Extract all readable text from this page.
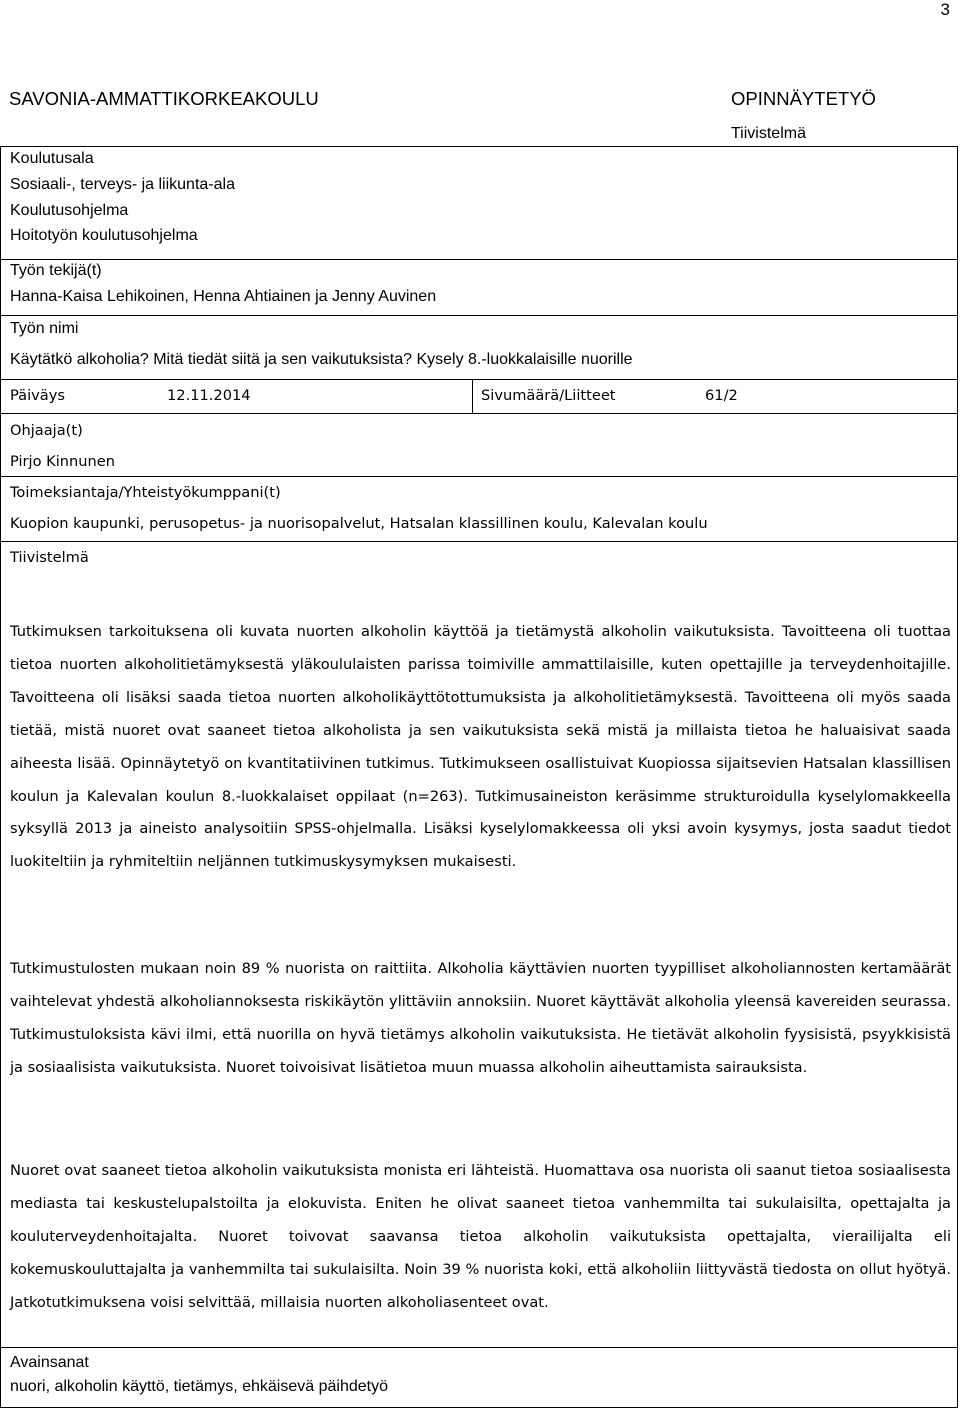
3
SAVONIA-AMMATTIKORKEAKOULU	OPINNÄYTETYÖ
Tiivistelmä
Koulutusala
Sosiaali-, terveys- ja liikunta-ala
Koulutusohjelma
Hoitotyön koulutusohjelma
Työn tekijä(t)
Hanna-Kaisa Lehikoinen, Henna Ahtiainen ja Jenny Auvinen
Työn nimi
Käytätkö alkoholia? Mitä tiedät siitä ja sen vaikutuksista? Kysely 8.-luokkalaisille nuorille
Päiväys	12.11.2014	Sivumäärä/Liitteet	61/2
Ohjaaja(t)
Pirjo Kinnunen
Toimeksiantaja/Yhteistyökumppani(t)
Kuopion kaupunki, perusopetus- ja nuorisopalvelut, Hatsalan klassillinen koulu, Kalevalan koulu
Tiivistelmä
Tutkimuksen tarkoituksena oli kuvata nuorten alkoholin käyttöä ja tietämystä alkoholin vaikutuksista. Tavoitteena oli tuottaa tietoa nuorten alkoholitietämyksestä yläkoululaisten parissa toimiville ammattilaisille, kuten opettajille ja terveydenhoitajille. Tavoitteena oli lisäksi saada tietoa nuorten alkoholikäyttötottumuksista ja alkoholitietämyksestä. Tavoitteena oli myös saada tietää, mistä nuoret ovat saaneet tietoa alkoholista ja sen vaikutuksista sekä mistä ja millaista tietoa he haluaisivat saada aiheesta lisää. Opinnäytetyö on kvantitatiivinen tutkimus. Tutkimukseen osallistuivat Kuopiossa sijaitsevien Hatsalan klassillisen koulun ja Kalevalan koulun 8.-luokkalaiset oppilaat (n=263). Tutkimusaineiston keräsimme strukturoidulla kyselylomakkeella syksyllä 2013 ja aineisto analysoitiin SPSS-ohjelmalla. Lisäksi kyselylomakkeessa oli yksi avoin kysymys, josta saadut tiedot luokiteltiin ja ryhmiteltiin neljännen tutkimuskysymyksen mukaisesti.
Tutkimustulosten mukaan noin 89 % nuorista on raittiita. Alkoholia käyttävien nuorten tyypilliset alkoholiannosten kertamäärät vaihtelevat yhdestä alkoholiannoksesta riskikäytön ylittäviin annoksiin. Nuoret käyttävät alkoholia yleensä kavereiden seurassa. Tutkimustuloksista kävi ilmi, että nuorilla on hyvä tietämys alkoholin vaikutuksista. He tietävät alkoholin fyysisistä, psyykkisistä ja sosiaalisista vaikutuksista. Nuoret toivoisivat lisätietoa muun muassa alkoholin aiheuttamista sairauksista.
Nuoret ovat saaneet tietoa alkoholin vaikutuksista monista eri lähteistä. Huomattava osa nuorista oli saanut tietoa sosiaalisesta mediasta tai keskustelupalstoilta ja elokuvista. Eniten he olivat saaneet tietoa vanhemmilta tai sukulaisilta, opettajalta ja kouluterveydenhoitajalta. Nuoret toivovat saavansa tietoa alkoholin vaikutuksista opettajalta, vierailijalta eli kokemuskouluttajalta ja vanhemmilta tai sukulaisilta. Noin 39 % nuorista koki, että alkoholiin liittyvästä tiedosta on ollut hyötyä. Jatkotutkimuksena voisi selvittää, millaisia nuorten alkoholiasenteet ovat.
Avainsanat
nuori, alkoholin käyttö, tietämys, ehkäisevä päihdetyö
